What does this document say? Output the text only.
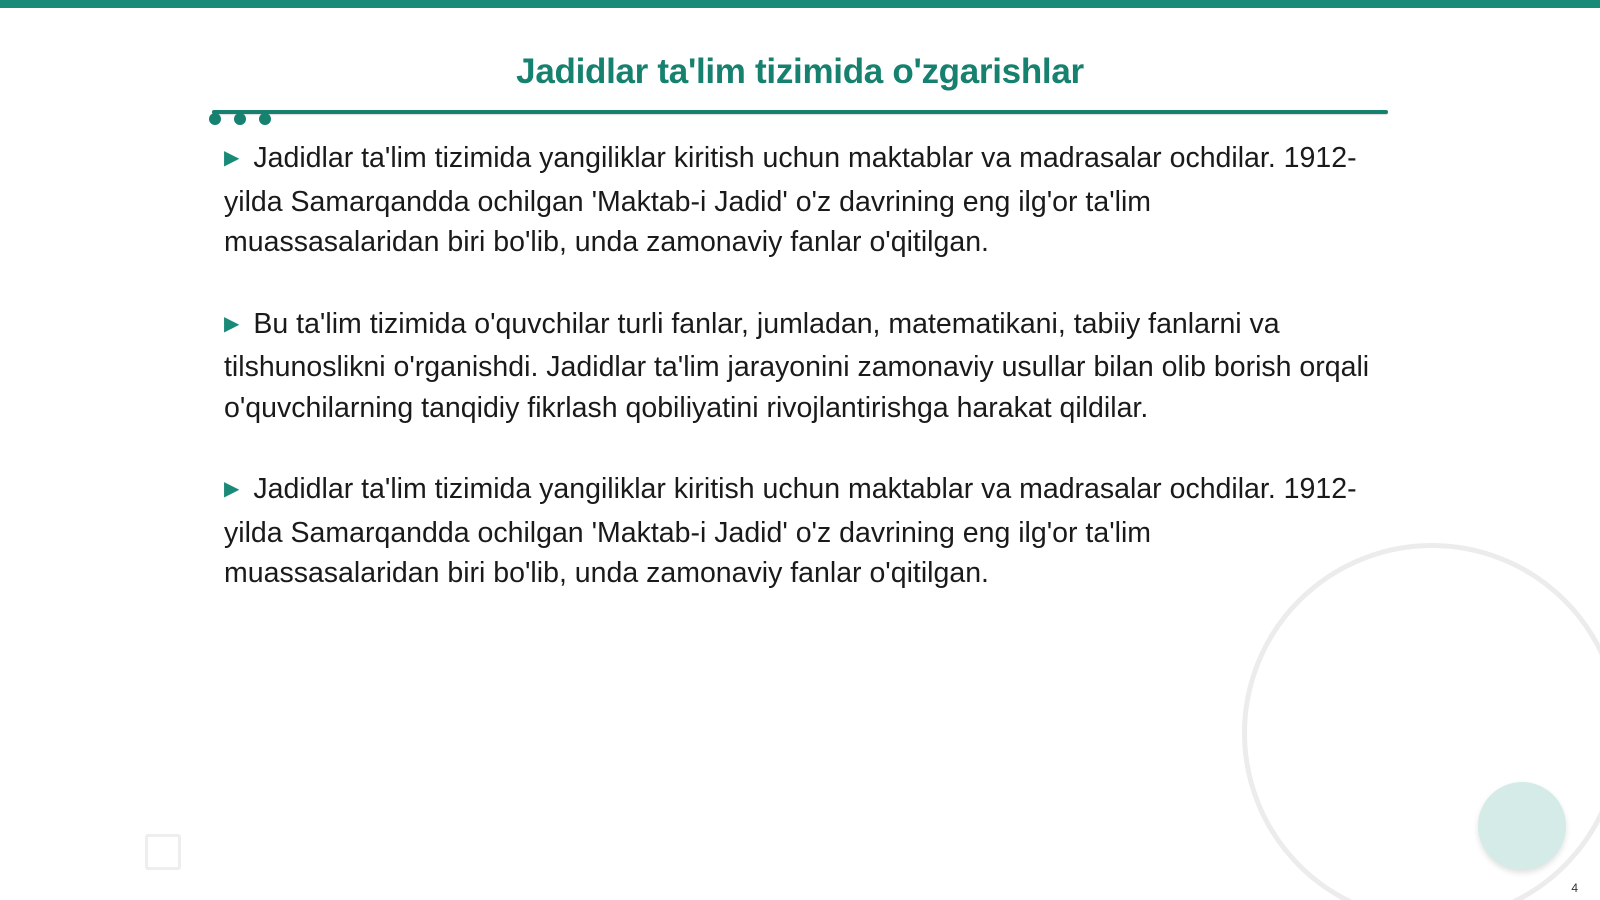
Jadidlar ta'lim tizimida o'zgarishlar

▶ Jadidlar ta'lim tizimida yangiliklar kiritish uchun maktablar va madrasalar ochdilar. 1912-yilda Samarqandda ochilgan 'Maktab-i Jadid' o'z davrining eng ilg'or ta'lim muassasalaridan biri bo'lib, unda zamonaviy fanlar o'qitilgan.

▶ Bu ta'lim tizimida o'quvchilar turli fanlar, jumladan, matematikani, tabiiy fanlarni va tilshunoslikni o'rganishdi. Jadidlar ta'lim jarayonini zamonaviy usullar bilan olib borish orqali o'quvchilarning tanqidiy fikrlash qobiliyatini rivojlantirishga harakat qildilar.

▶ Jadidlar ta'lim tizimida yangiliklar kiritish uchun maktablar va madrasalar ochdilar. 1912-yilda Samarqandda ochilgan 'Maktab-i Jadid' o'z davrining eng ilg'or ta'lim muassasalaridan biri bo'lib, unda zamonaviy fanlar o'qitilgan.

4
